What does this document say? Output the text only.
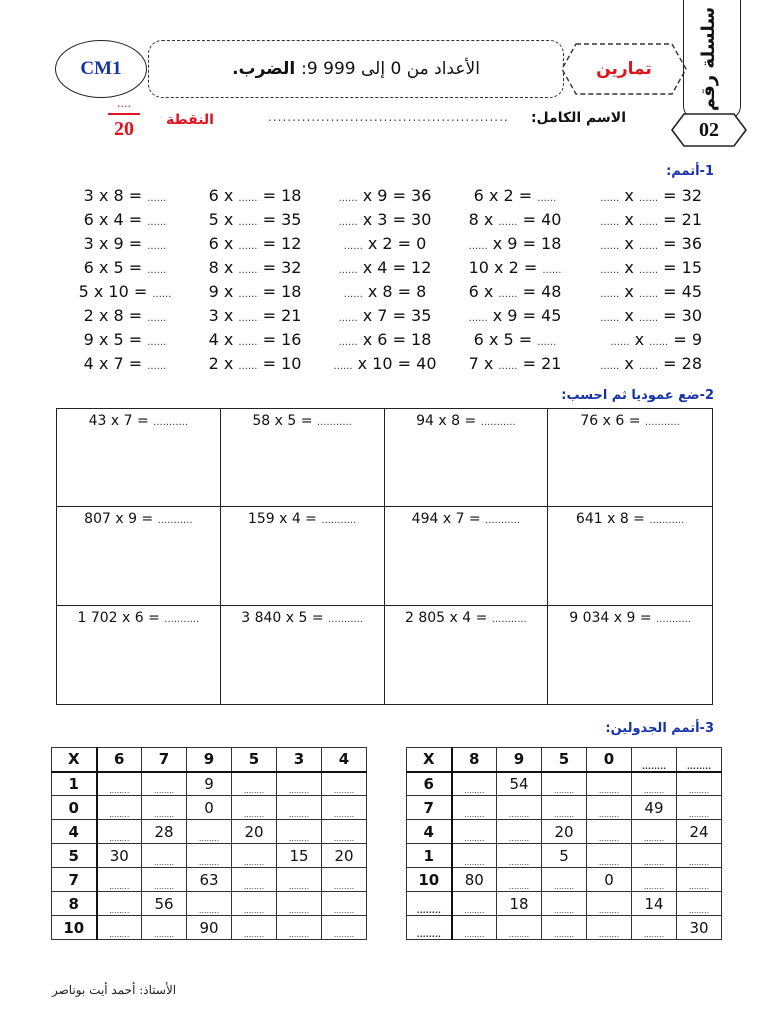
CM1	الأعداد من 0 إلى 999 9:
الضرب.	تمارين	سلسلة رقم
02
الاسم الكامل:
..................................................
النقطة
....
20
1-أتمم:
3 x 8 = ......	6 x ...... = 18	...... x 9 = 36	6 x 2 = ......	...... x ...... = 32
6 x 4 = ......	5 x ...... = 35	...... x 3 = 30	8 x ...... = 40	...... x ...... = 21
3 x 9 = ......	6 x ...... = 12	...... x 2 = 0	...... x 9 = 18	...... x ...... = 36
6 x 5 = ......	8 x ...... = 32	...... x 4 = 12	10 x 2 = ......	...... x ...... = 15
5 x 10 = ......	9 x ...... = 18	...... x 8 = 8	6 x ...... = 48	...... x ...... = 45
2 x 8 = ......	3 x ...... = 21	...... x 7 = 35	...... x 9 = 45	...... x ...... = 30
9 x 5 = ......	4 x ...... = 16	...... x 6 = 18	6 x 5 = ......	...... x ...... = 9
4 x 7 = ......	2 x ...... = 10	...... x 10 = 40	7 x ...... = 21	...... x ...... = 28
2-ضع عموديا ثم احسب:
43 x 7 = ...........	58 x 5 = ...........	94 x 8 = ...........	76 x 6 = ...........
807 x 9 = ...........	159 x 4 = ...........	494 x 7 = ...........	641 x 8 = ...........
1 702 x 6 = ...........	3 840 x 5 = ...........	2 805 x 4 = ...........	9 034 x 9 = ...........
3-أتمم الجدولين:
X	6	7	9	5	3	4
1	........	........	9	........	........	........
0	........	........	0	........	........	........
4	........	28	........	20	........	........
5	30	........	........	........	15	20
7	........	........	63	........	........	........
8	........	56	........	........	........	........
10	........	........	90	........	........	........
X	8	9	5	0	........	........
6	........	54	........	........	........	........
7	........	........	........	........	49	........
4	........	........	20	........	........	24
1	........	........	5	........	........	........
10	80	........	........	0	........	........
........	........	18	........	........	14	........
........	........	........	........	........	........	30
الأستاذ: أحمد أيت بوناصر
